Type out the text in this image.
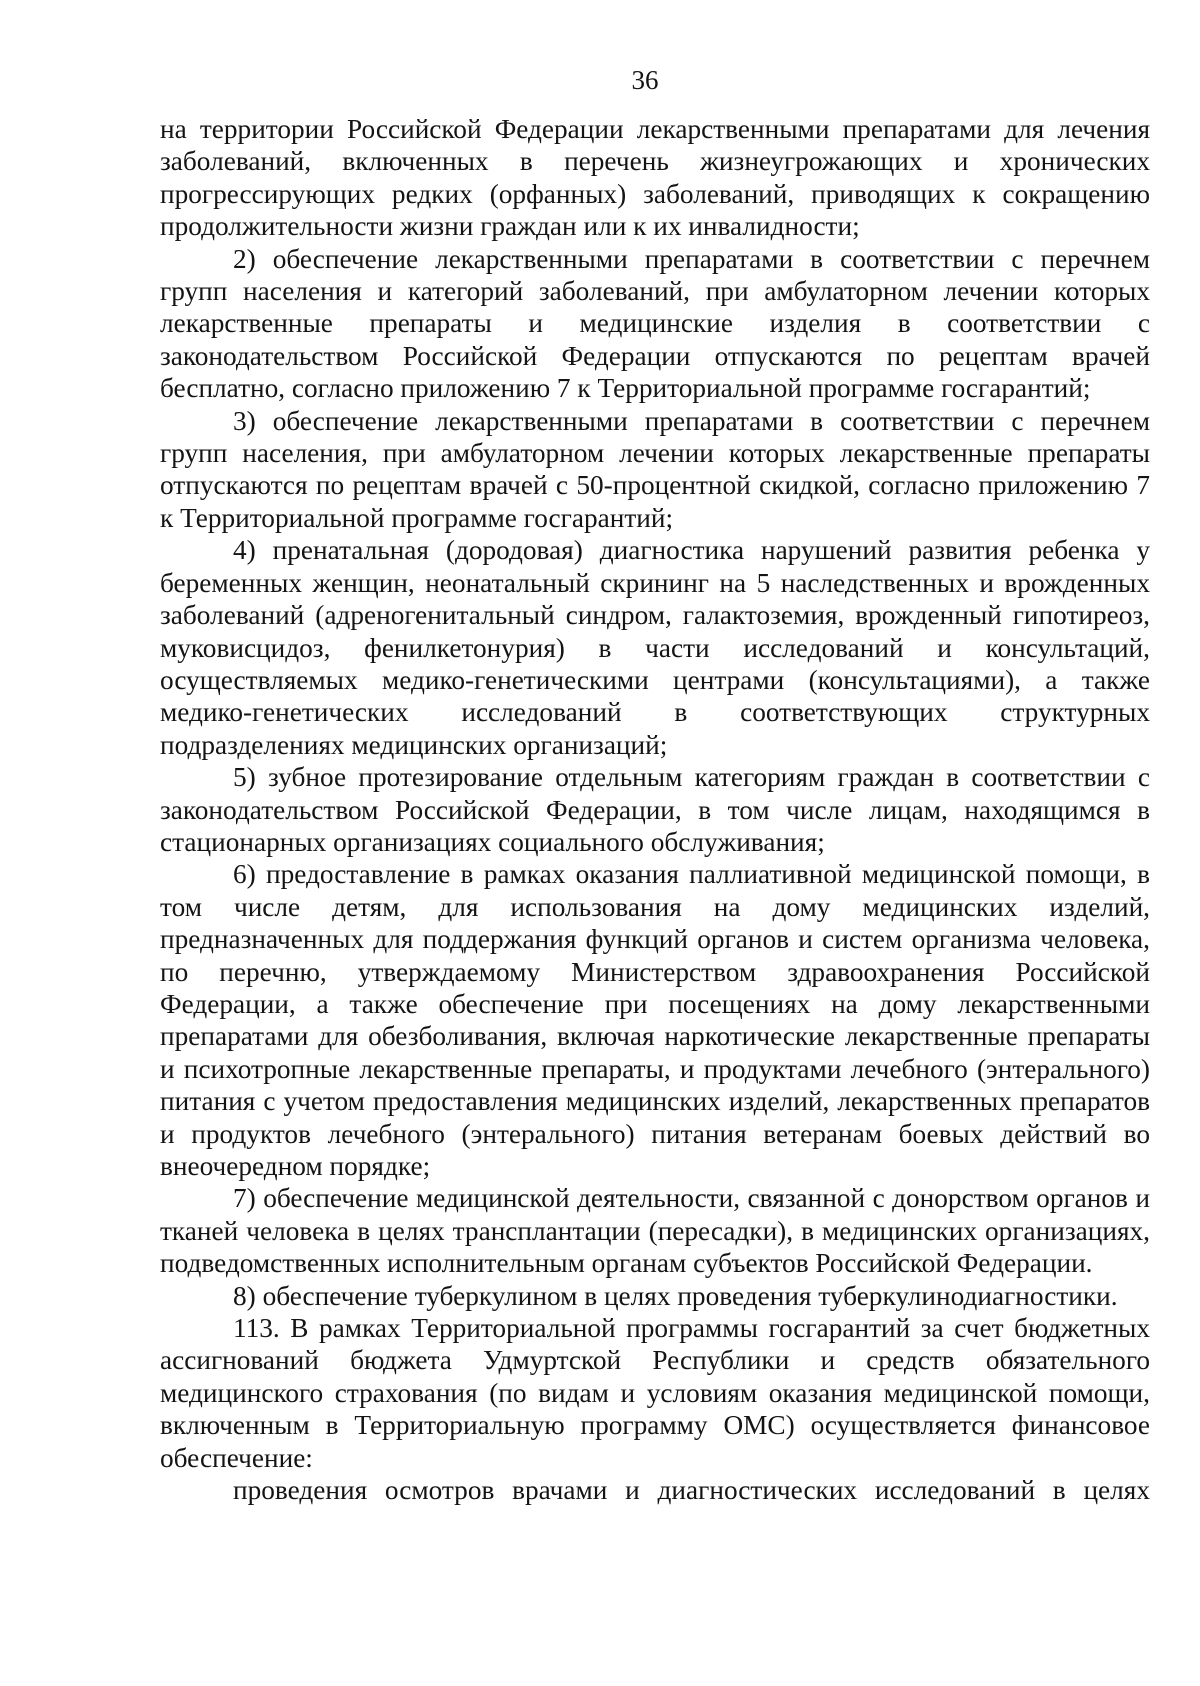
36

на территории Российской Федерации лекарственными препаратами для лечения заболеваний, включенных в перечень жизнеугрожающих и хронических прогрессирующих редких (орфанных) заболеваний, приводящих к сокращению продолжительности жизни граждан или к их инвалидности;

2) обеспечение лекарственными препаратами в соответствии с перечнем групп населения и категорий заболеваний, при амбулаторном лечении которых лекарственные препараты и медицинские изделия в соответствии с законодательством Российской Федерации отпускаются по рецептам врачей бесплатно, согласно приложению 7 к Территориальной программе госгарантий;

3) обеспечение лекарственными препаратами в соответствии с перечнем групп населения, при амбулаторном лечении которых лекарственные препараты отпускаются по рецептам врачей с 50-процентной скидкой, согласно приложению 7 к Территориальной программе госгарантий;

4) пренатальная (дородовая) диагностика нарушений развития ребенка у беременных женщин, неонатальный скрининг на 5 наследственных и врожденных заболеваний (адреногенитальный синдром, галактоземия, врожденный гипотиреоз, муковисцидоз, фенилкетонурия) в части исследований и консультаций, осуществляемых медико-генетическими центрами (консультациями), а также медико-генетических исследований в соответствующих структурных подразделениях медицинских организаций;

5) зубное протезирование отдельным категориям граждан в соответствии с законодательством Российской Федерации, в том числе лицам, находящимся в стационарных организациях социального обслуживания;

6) предоставление в рамках оказания паллиативной медицинской помощи, в том числе детям, для использования на дому медицинских изделий, предназначенных для поддержания функций органов и систем организма человека, по перечню, утверждаемому Министерством здравоохранения Российской Федерации, а также обеспечение при посещениях на дому лекарственными препаратами для обезболивания, включая наркотические лекарственные препараты и психотропные лекарственные препараты, и продуктами лечебного (энтерального) питания с учетом предоставления медицинских изделий, лекарственных препаратов и продуктов лечебного (энтерального) питания ветеранам боевых действий во внеочередном порядке;

7) обеспечение медицинской деятельности, связанной с донорством органов и тканей человека в целях трансплантации (пересадки), в медицинских организациях, подведомственных исполнительным органам субъектов Российской Федерации.

8) обеспечение туберкулином в целях проведения туберкулинодиагностики.

113. В рамках Территориальной программы госгарантий за счет бюджетных ассигнований бюджета Удмуртской Республики и средств обязательного медицинского страхования (по видам и условиям оказания медицинской помощи, включенным в Территориальную программу ОМС) осуществляется финансовое обеспечение:

проведения осмотров врачами и диагностических исследований в целях
